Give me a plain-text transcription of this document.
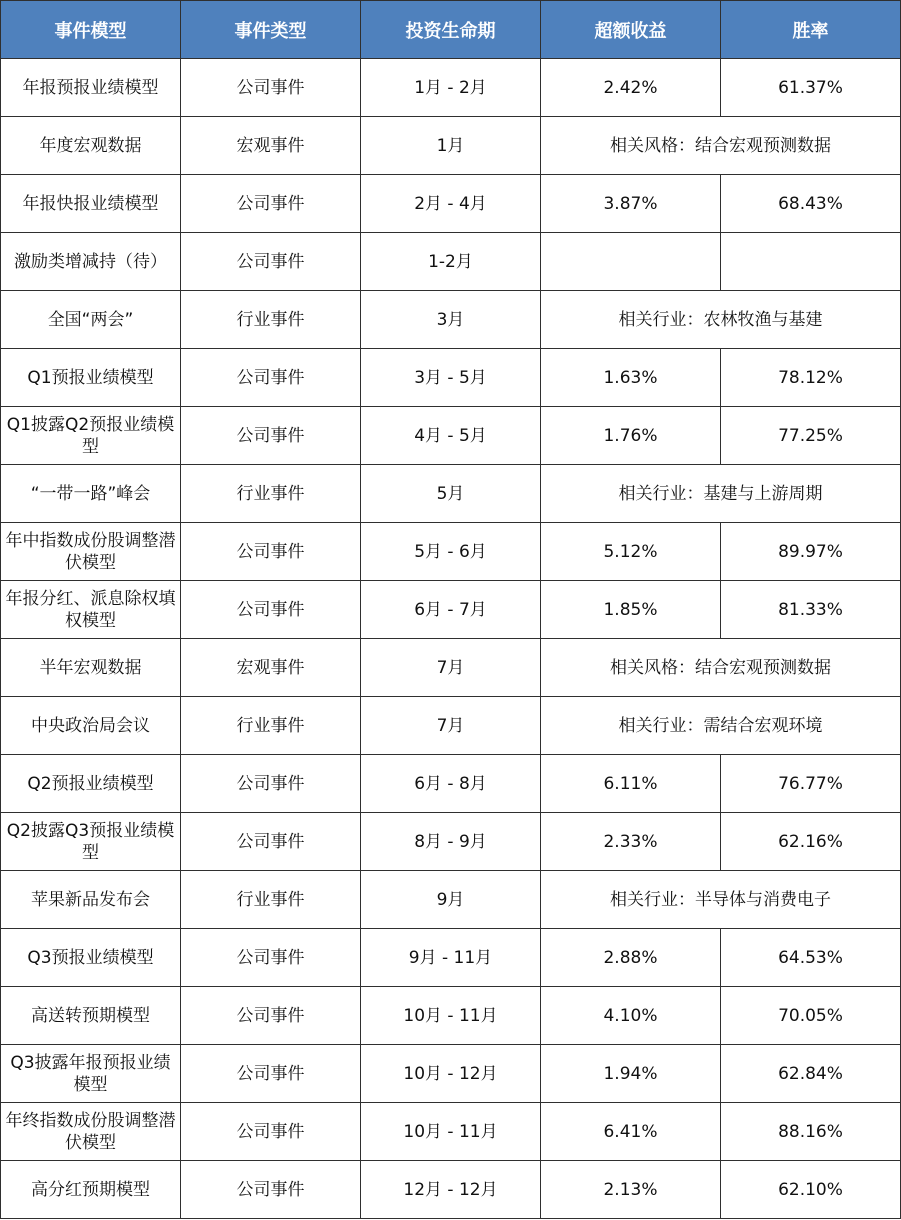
事件模型	事件类型	投资生命期	超额收益	胜率
年报预报业绩模型	公司事件	1月 - 2月	2.42%	61.37%
年度宏观数据	宏观事件	1月	相关风格：结合宏观预测数据	
年报快报业绩模型	公司事件	2月 - 4月	3.87%	68.43%
激励类增减持（待）	公司事件	1-2月		
全国“两会”	行业事件	3月	相关行业：农林牧渔与基建	
Q1预报业绩模型	公司事件	3月 - 5月	1.63%	78.12%
Q1披露Q2预报业绩模型	公司事件	4月 - 5月	1.76%	77.25%
“一带一路”峰会	行业事件	5月	相关行业：基建与上游周期	
年中指数成份股调整潜伏模型	公司事件	5月 - 6月	5.12%	89.97%
年报分红、派息除权填权模型	公司事件	6月 - 7月	1.85%	81.33%
半年宏观数据	宏观事件	7月	相关风格：结合宏观预测数据	
中央政治局会议	行业事件	7月	相关行业：需结合宏观环境	
Q2预报业绩模型	公司事件	6月 - 8月	6.11%	76.77%
Q2披露Q3预报业绩模型	公司事件	8月 - 9月	2.33%	62.16%
苹果新品发布会	行业事件	9月	相关行业：半导体与消费电子	
Q3预报业绩模型	公司事件	9月 - 11月	2.88%	64.53%
高送转预期模型	公司事件	10月 - 11月	4.10%	70.05%
Q3披露年报预报业绩模型	公司事件	10月 - 12月	1.94%	62.84%
年终指数成份股调整潜伏模型	公司事件	10月 - 11月	6.41%	88.16%
高分红预期模型	公司事件	12月 - 12月	2.13%	62.10%
